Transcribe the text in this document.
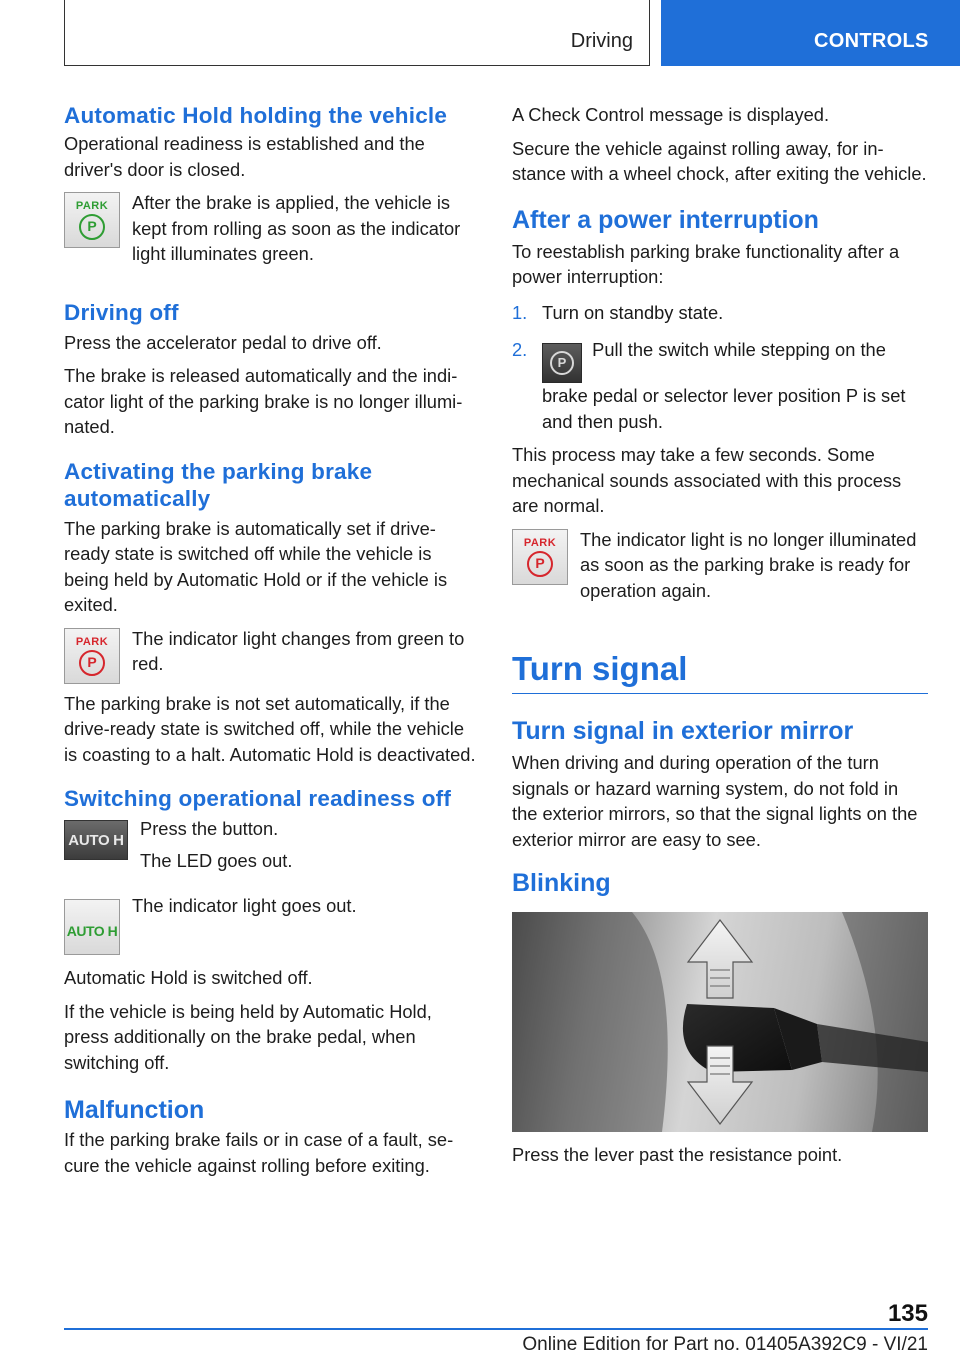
Driving	CONTROLS
Automatic Hold holding the vehicle
Operational readiness is established and the driver's door is closed.
PARK
P
After the brake is applied, the vehicle is kept from rolling as soon as the indicator light illuminates green.
Driving off
Press the accelerator pedal to drive off.
The brake is released automatically and the indicator light of the parking brake is no longer illuminated.
Activating the parking brake automatically
The parking brake is automatically set if drive-ready state is switched off while the vehicle is being held by Automatic Hold or if the vehicle is exited.
PARK
P
The indicator light changes from green to red.
The parking brake is not set automatically, if the drive-ready state is switched off, while the vehicle is coasting to a halt. Automatic Hold is deactivated.
Switching operational readiness off
AUTO H
Press the button.
The LED goes out.
AUTO H
The indicator light goes out.
Automatic Hold is switched off.
If the vehicle is being held by Automatic Hold, press additionally on the brake pedal, when switching off.
Malfunction
If the parking brake fails or in case of a fault, secure the vehicle against rolling before exiting.
A Check Control message is displayed.
Secure the vehicle against rolling away, for instance with a wheel chock, after exiting the vehicle.
After a power interruption
To reestablish parking brake functionality after a power interruption:
1. Turn on standby state.
2.
P
Pull the switch while stepping on the brake pedal or selector lever position P is set and then push.
This process may take a few seconds. Some mechanical sounds associated with this process are normal.
PARK
P
The indicator light is no longer illuminated as soon as the parking brake is ready for operation again.
Turn signal
Turn signal in exterior mirror
When driving and during operation of the turn signals or hazard warning system, do not fold in the exterior mirrors, so that the signal lights on the exterior mirror are easy to see.
Blinking
Press the lever past the resistance point.
135
Online Edition for Part no. 01405A392C9 - VI/21
